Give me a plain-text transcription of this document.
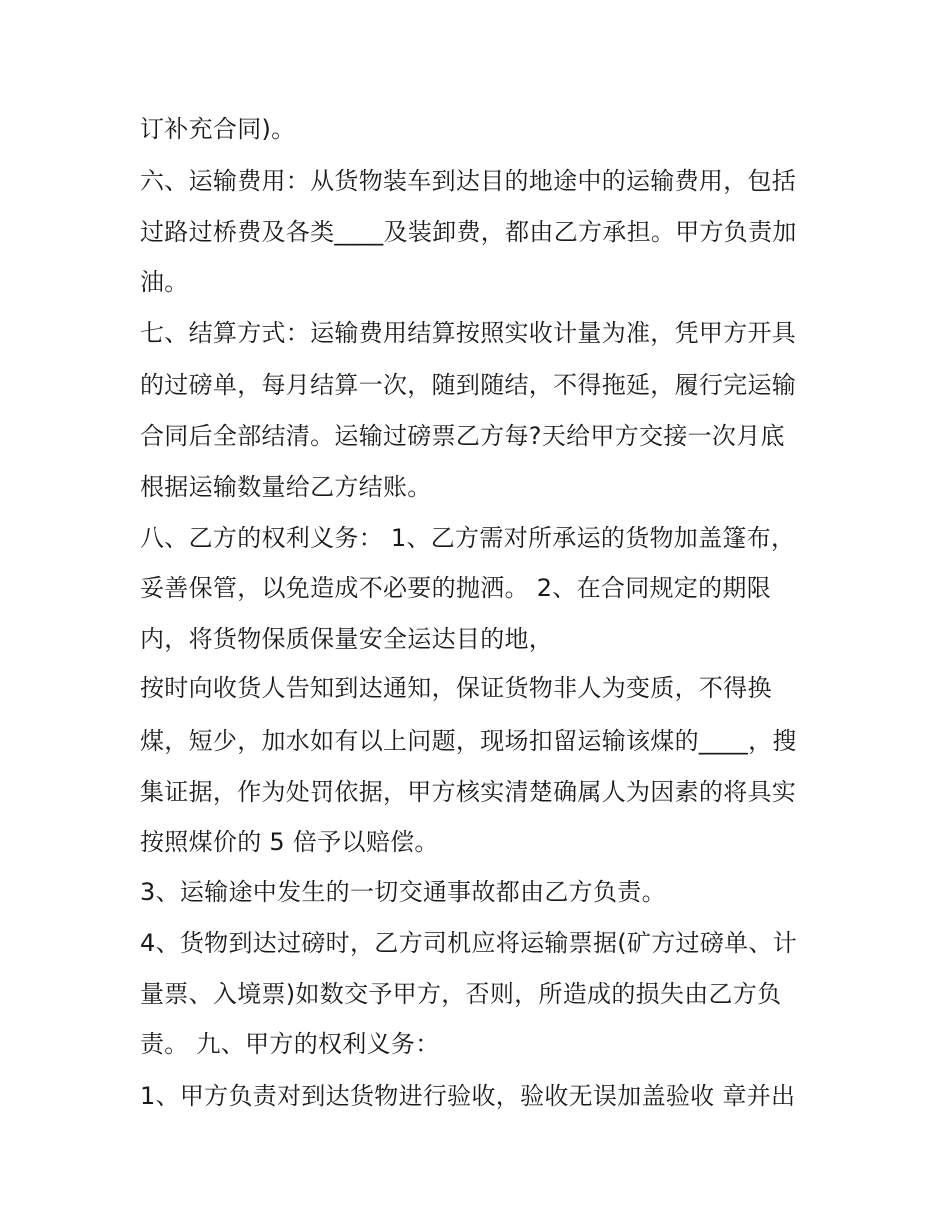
订补充合同)。

六、运输费用：从货物装车到达目的地途中的运输费用，包括

过路过桥费及各类____及装卸费，都由乙方承担。甲方负责加

油。

七、结算方式：运输费用结算按照实收计量为准，凭甲方开具

的过磅单，每月结算一次，随到随结，不得拖延，履行完运输

合同后全部结清。运输过磅票乙方每?天给甲方交接一次月底

根据运输数量给乙方结账。

八、乙方的权利义务： 1、乙方需对所承运的货物加盖篷布，

妥善保管，以免造成不必要的抛洒。 2、在合同规定的期限

内，将货物保质保量安全运达目的地，

按时向收货人告知到达通知，保证货物非人为变质，不得换

煤，短少，加水如有以上问题，现场扣留运输该煤的____，搜

集证据，作为处罚依据，甲方核实清楚确属人为因素的将具实

按照煤价的 5 倍予以赔偿。

3、运输途中发生的一切交通事故都由乙方负责。

4、货物到达过磅时，乙方司机应将运输票据(矿方过磅单、计

量票、入境票)如数交予甲方，否则，所造成的损失由乙方负

责。 九、甲方的权利义务：

1、甲方负责对到达货物进行验收，验收无误加盖验收 章并出
